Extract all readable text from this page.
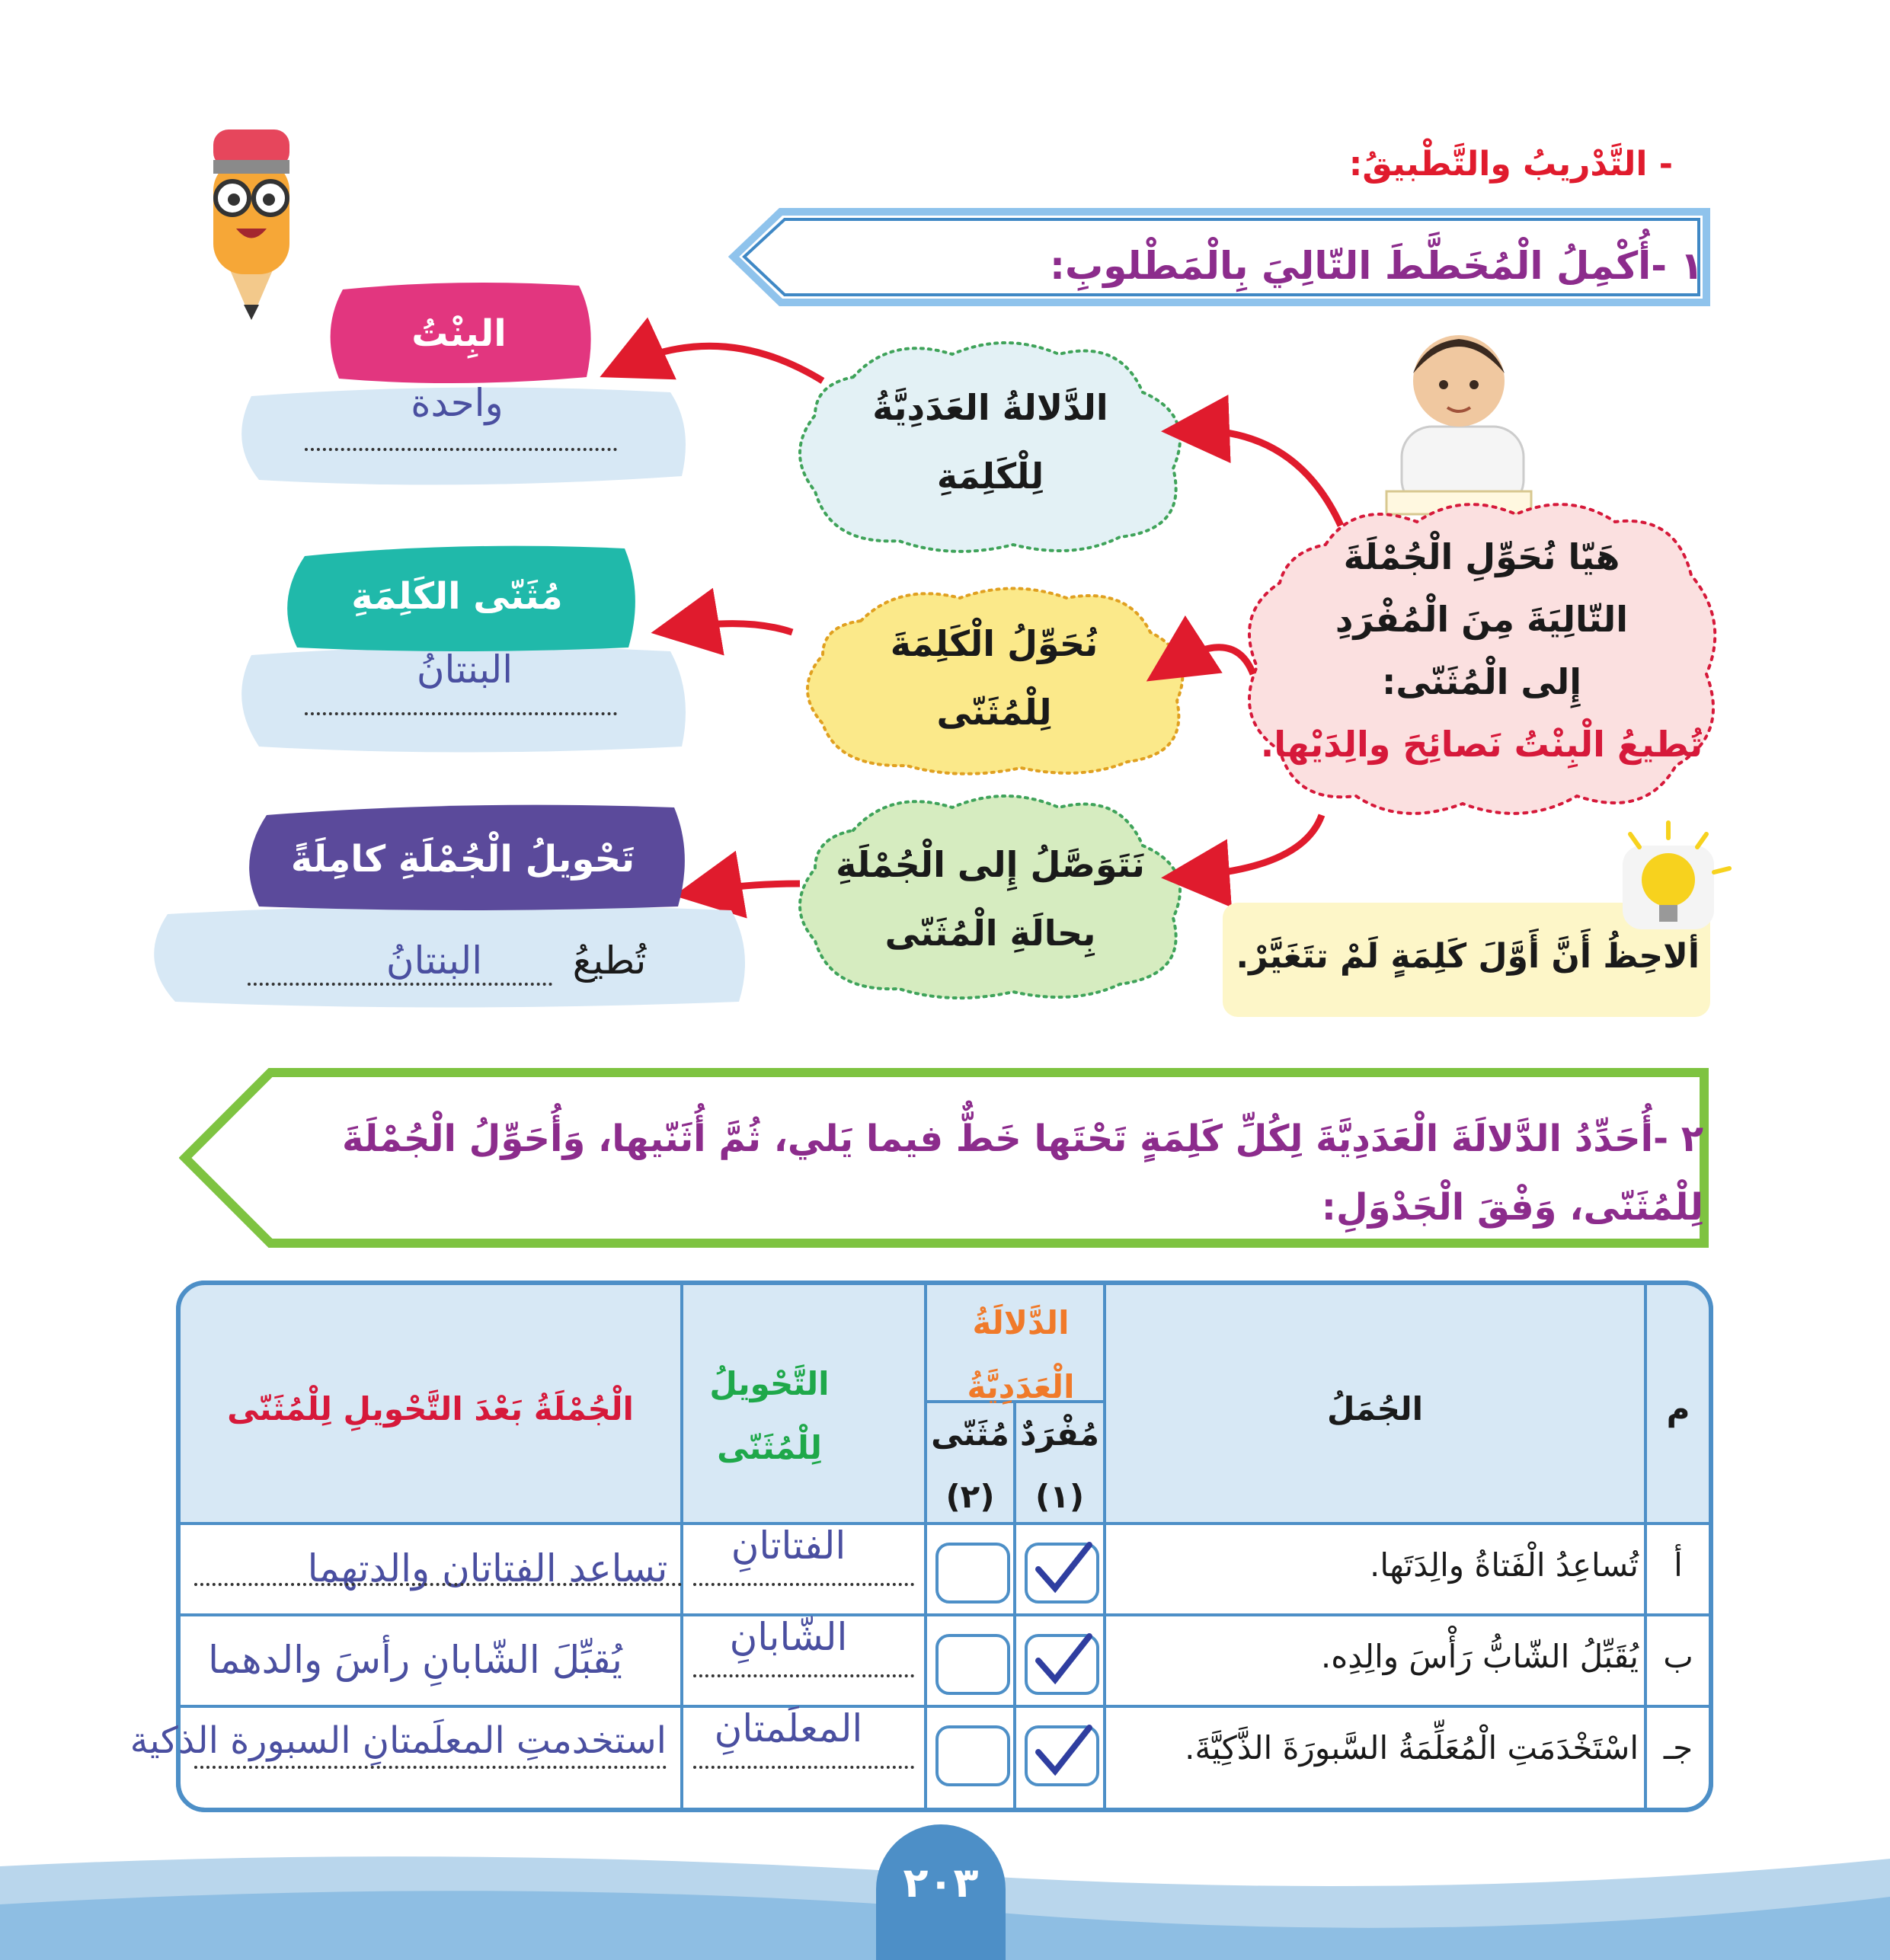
٢٠٣
- التَّدْريبُ والتَّطْبيقُ:
١ -أُكْمِلُ الْمُخَطَّطَ التّالِيَ بِالْمَطْلوبِ:
هَيّا نُحَوِّلِ الْجُمْلَةَ
التّالِيَةَ مِنَ الْمُفْرَدِ
إِلى الْمُثَنّى:
تُطيعُ الْبِنْتُ نَصائِحَ والِدَيْها.
الدَّلالةُ العَدَدِيَّةُ
لِلْكَلِمَةِ
نُحَوِّلُ الْكَلِمَةَ
لِلْمُثَنّى
نَتَوَصَّلُ إِلى الْجُمْلَةِ
بِحالَةِ الْمُثَنّى
البِنْتُ
واحدة
مُثَنّى الكَلِمَةِ
البنتانُ
تَحْويلُ الْجُمْلَةِ كامِلَةً
تُطيعُ
البنتانُ	ألاحِظُ أَنَّ أَوَّلَ كَلِمَةٍ لَمْ تتَغَيَّرْ.
٢ -أُحَدِّدُ الدَّلالَةَ الْعَدَدِيَّةَ لِكُلِّ كَلِمَةٍ تَحْتَها خَطٌّ فيما يَلي، ثُمَّ أُثَنّيها، وَأُحَوِّلُ الْجُمْلَةَ لِلْمُثَنّى، وَفْقَ الْجَدْوَلِ:
م
الجُمَلُ
الدَّلالَةُ الْعَدَدِيَّةُ
مُفْرَدٌ
مُثَنّى
(١)
(٢)
التَّحْويلُ لِلْمُثَنّى
الْجُمْلَةُ بَعْدَ التَّحْويلِ لِلْمُثَنّى
أ
تُساعِدُ الْفَتاةُ والِدَتَها.
الفتاتانِ
تساعد الفتاتان والدتهما
ب
يُقَبِّلُ الشّابُّ رَأْسَ والِدِه.
الشّابانِ
يُقبِّلَ الشّابانِ رأسَ والدهما
جـ
اسْتَخْدَمَتِ الْمُعَلِّمَةُ السَّبورَةَ الذَّكِيَّةَ.
المعلَمتانِ
استخدمتِ المعلَمتانِ السبورة الذكية
